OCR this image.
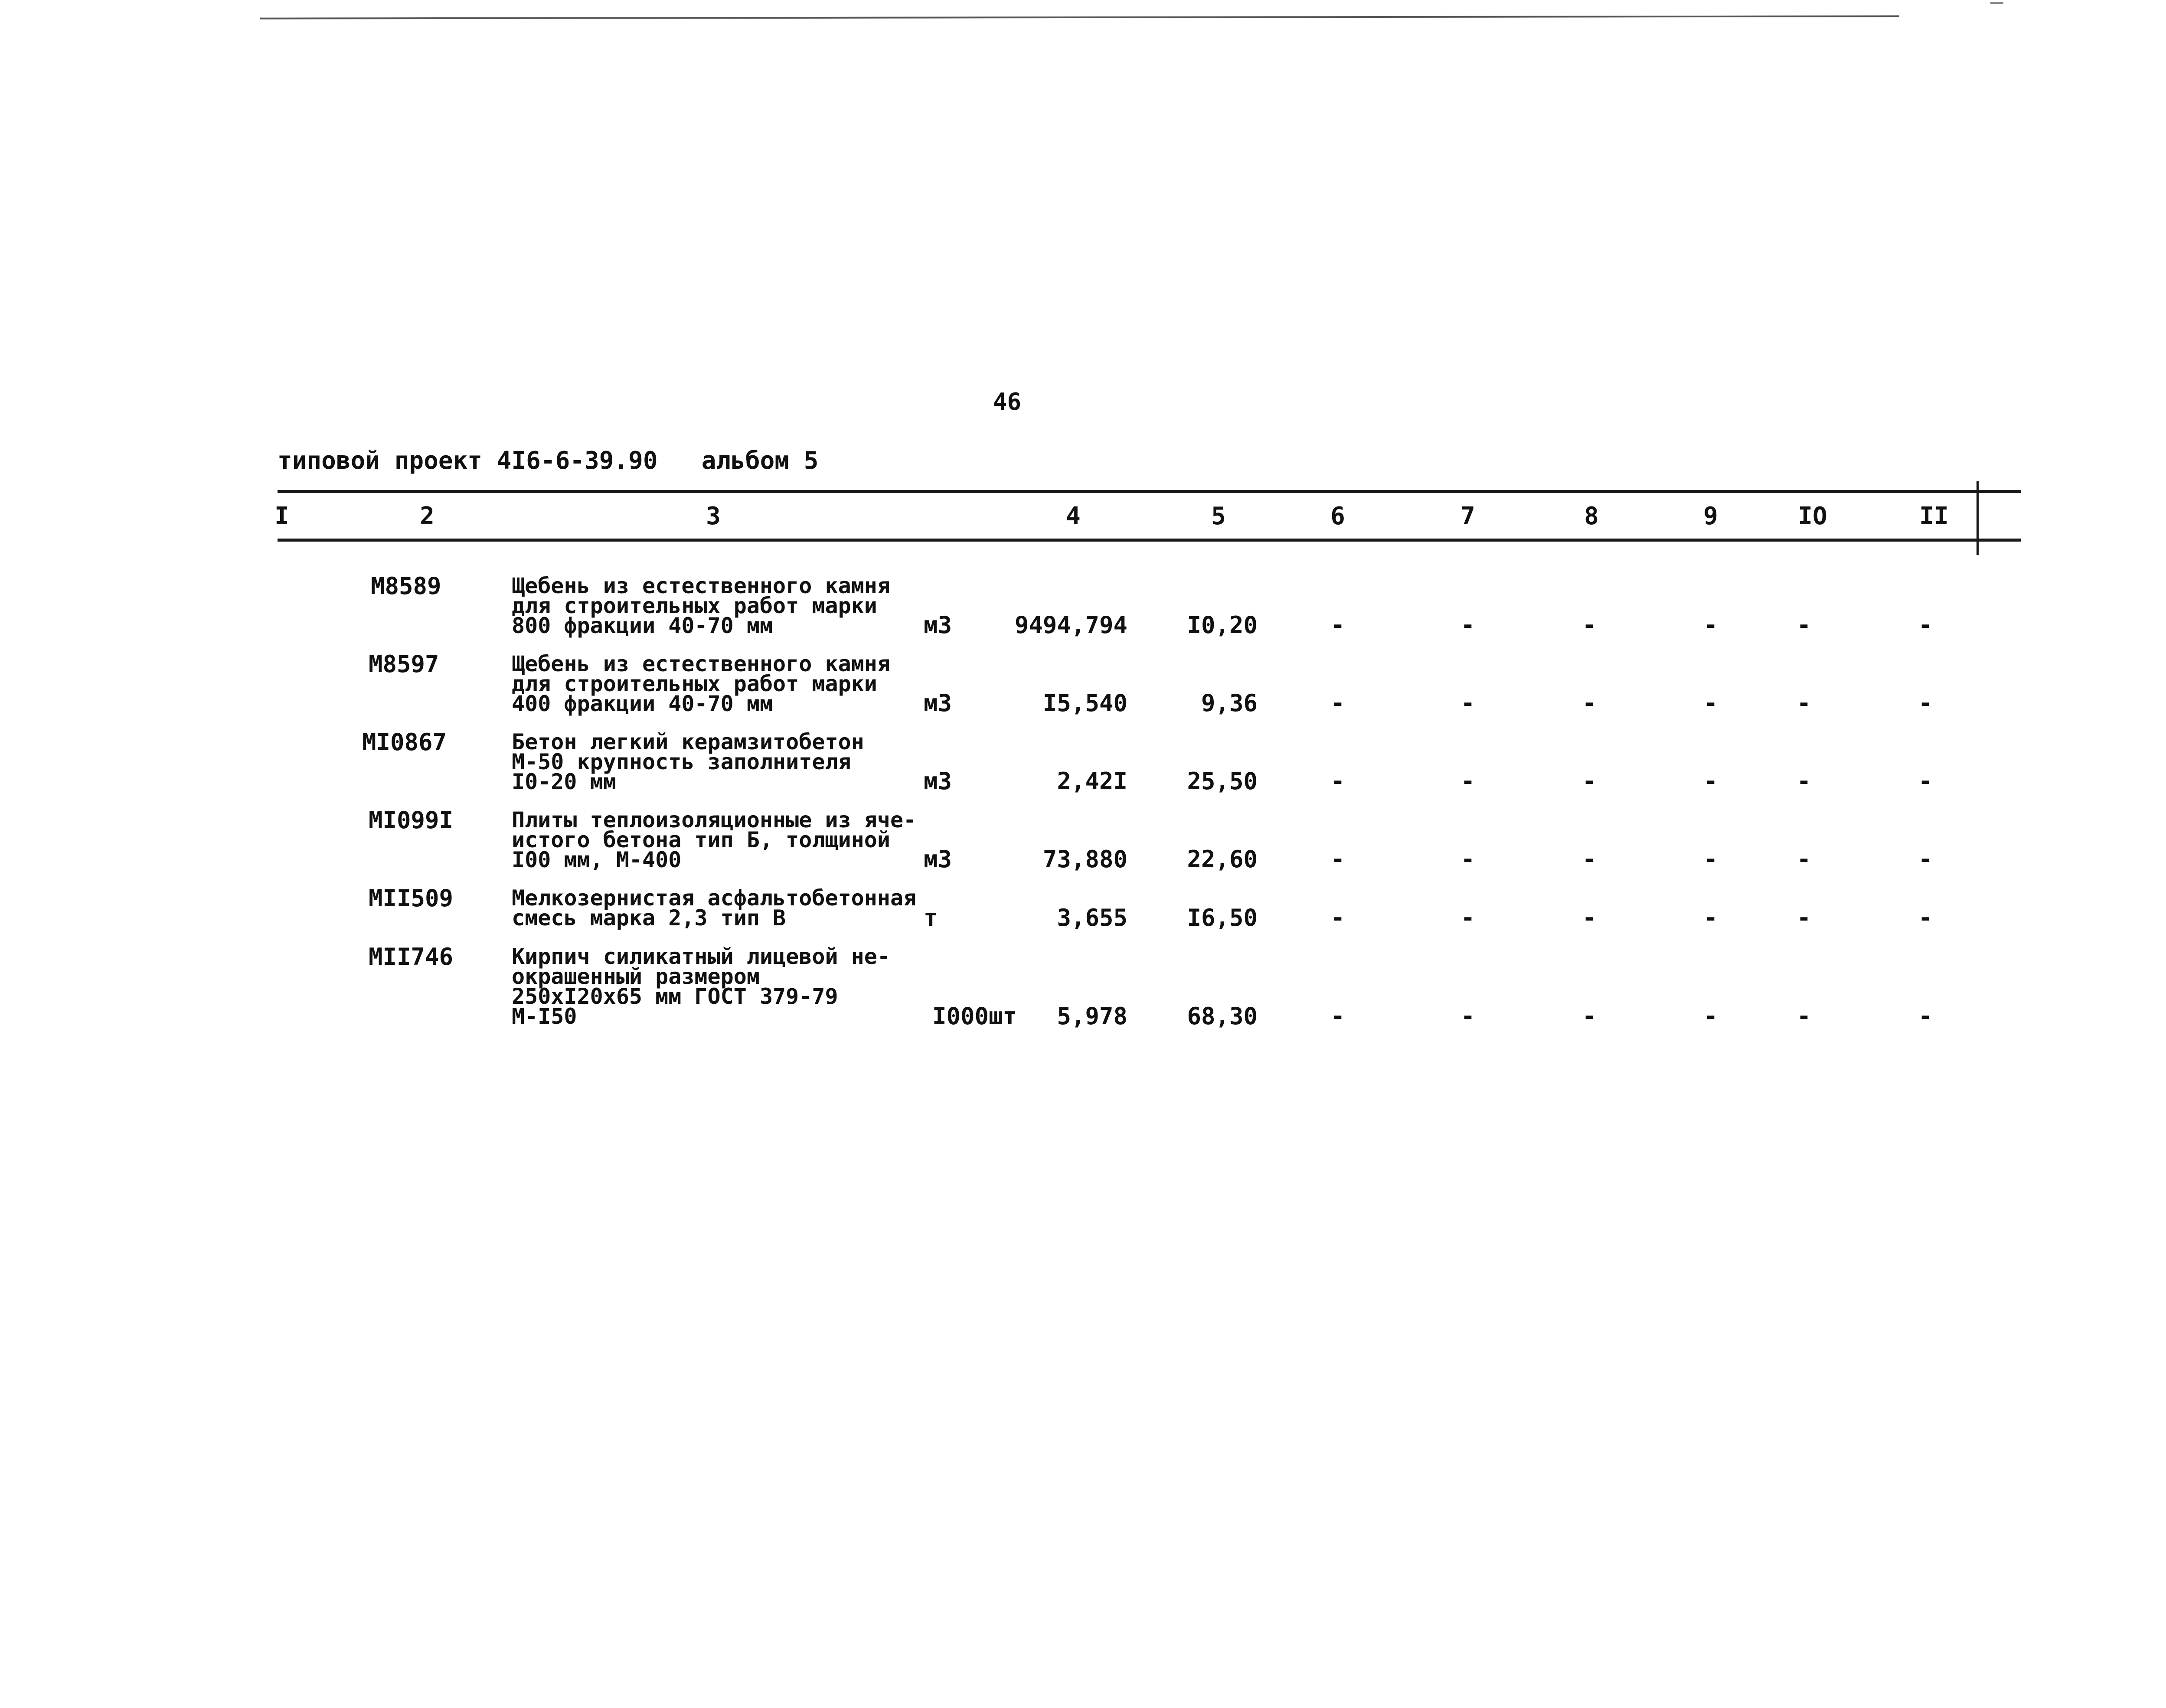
46
типовой проект 4I6-6-39.90   альбом 5
I	2	3	4	5	6	7	8	9	IO	II
M8589	Щебень из естественного камня
для строительных работ марки
800 фракции 40-70 мм	м3	9494,794	I0,20	-	-	-	-	-	-
M8597	Щебень из естественного камня
для строительных работ марки
400 фракции 40-70 мм	м3	I5,540	9,36	-	-	-	-	-	-
MI0867	Бетон легкий керамзитобетон
М-50 крупность заполнителя
I0-20 мм	м3	2,42I	25,50	-	-	-	-	-	-
MI099I	Плиты теплоизоляционные из яче-
истого бетона тип Б, толщиной
I00 мм, М-400	м3	73,880	22,60	-	-	-	-	-	-
MII509	Мелкозернистая асфальтобетонная
смесь марка 2,3 тип В	т	3,655	I6,50	-	-	-	-	-	-
MII746	Кирпич силикатный лицевой не-
окрашенный размером
250xI20x65 мм ГОСТ 379-79
М-I50	I000шт	5,978	68,30	-	-	-	-	-	-
